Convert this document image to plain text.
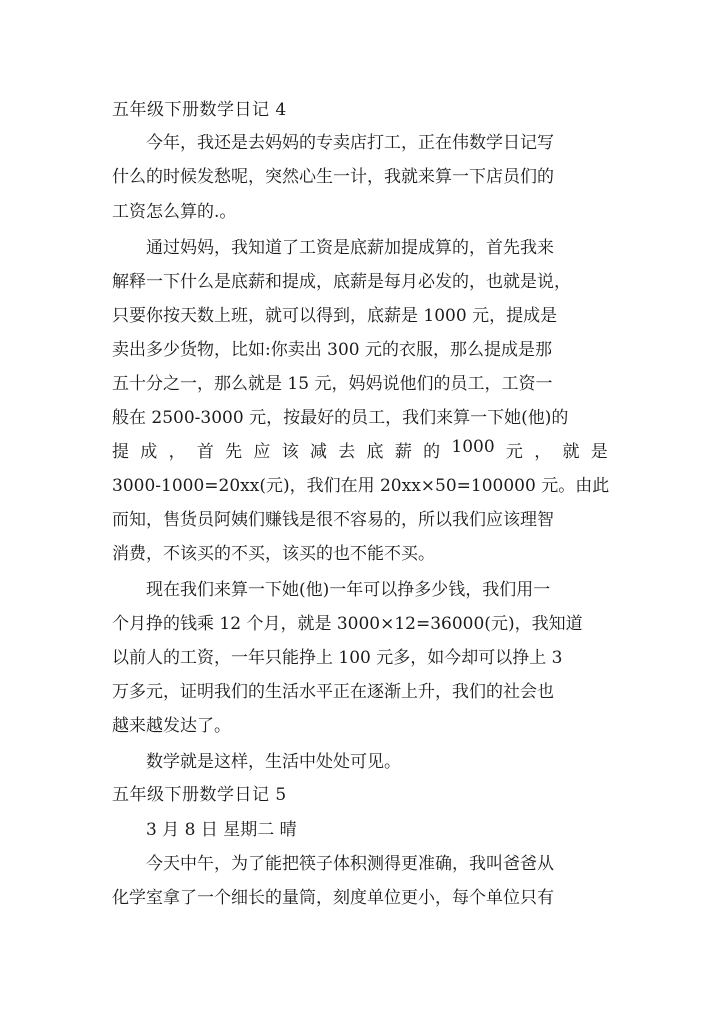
五年级下册数学日记 4
今年，我还是去妈妈的专卖店打工，正在伟数学日记写
什么的时候发愁呢，突然心生一计，我就来算一下店员们的
工资怎么算的.。
通过妈妈，我知道了工资是底薪加提成算的，首先我来
解释一下什么是底薪和提成，底薪是每月必发的，也就是说，
只要你按天数上班，就可以得到，底薪是 1000 元，提成是
卖出多少货物，比如:你卖出 300 元的衣服，那么提成是那
五十分之一，那么就是 15 元，妈妈说他们的员工，工资一
般在 2500-3000 元，按最好的员工，我们来算一下她(他)的
提 成 ， 首 先 应 该 减 去 底 薪 的 1000 元 ， 就 是
3000-1000=20xx(元)，我们在用 20xx×50=100000 元。由此
而知，售货员阿姨们赚钱是很不容易的，所以我们应该理智
消费，不该买的不买，该买的也不能不买。
现在我们来算一下她(他)一年可以挣多少钱，我们用一
个月挣的钱乘 12 个月，就是 3000×12=36000(元)，我知道
以前人的工资，一年只能挣上 100 元多，如今却可以挣上 3
万多元，证明我们的生活水平正在逐渐上升，我们的社会也
越来越发达了。
数学就是这样，生活中处处可见。
五年级下册数学日记 5
3 月 8 日 星期二 晴
今天中午，为了能把筷子体积测得更准确，我叫爸爸从
化学室拿了一个细长的量筒，刻度单位更小，每个单位只有
